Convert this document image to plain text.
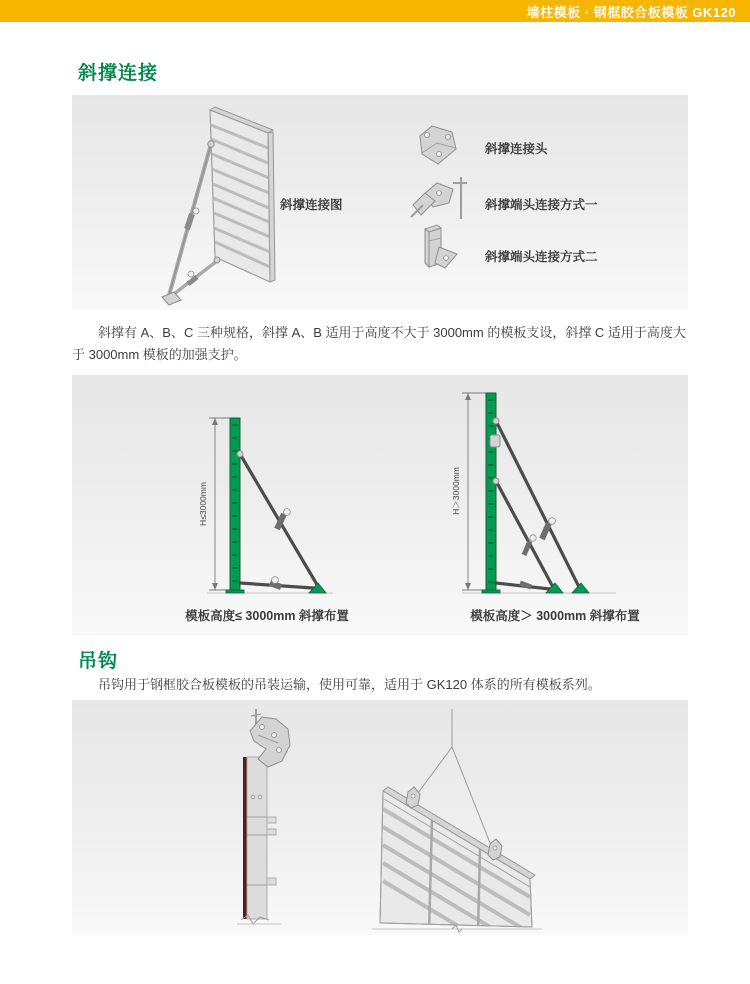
墙柱模板 · 钢框胶合板模板 GK120
斜撑连接
斜撑连接图
斜撑连接头
斜撑端头连接方式一
斜撑端头连接方式二

斜撑有 A、B、C 三种规格，斜撑 A、B 适用于高度不大于 3000mm 的模板支设，斜撑 C 适用于高度大于 3000mm 模板的加强支护。

H≤3000mm	H＞3000mm
模板高度≤ 3000mm 斜撑布置	模板高度＞ 3000mm 斜撑布置
吊钩

吊钩用于钢框胶合板模板的吊装运输，使用可靠，适用于 GK120 体系的所有模板系列。
